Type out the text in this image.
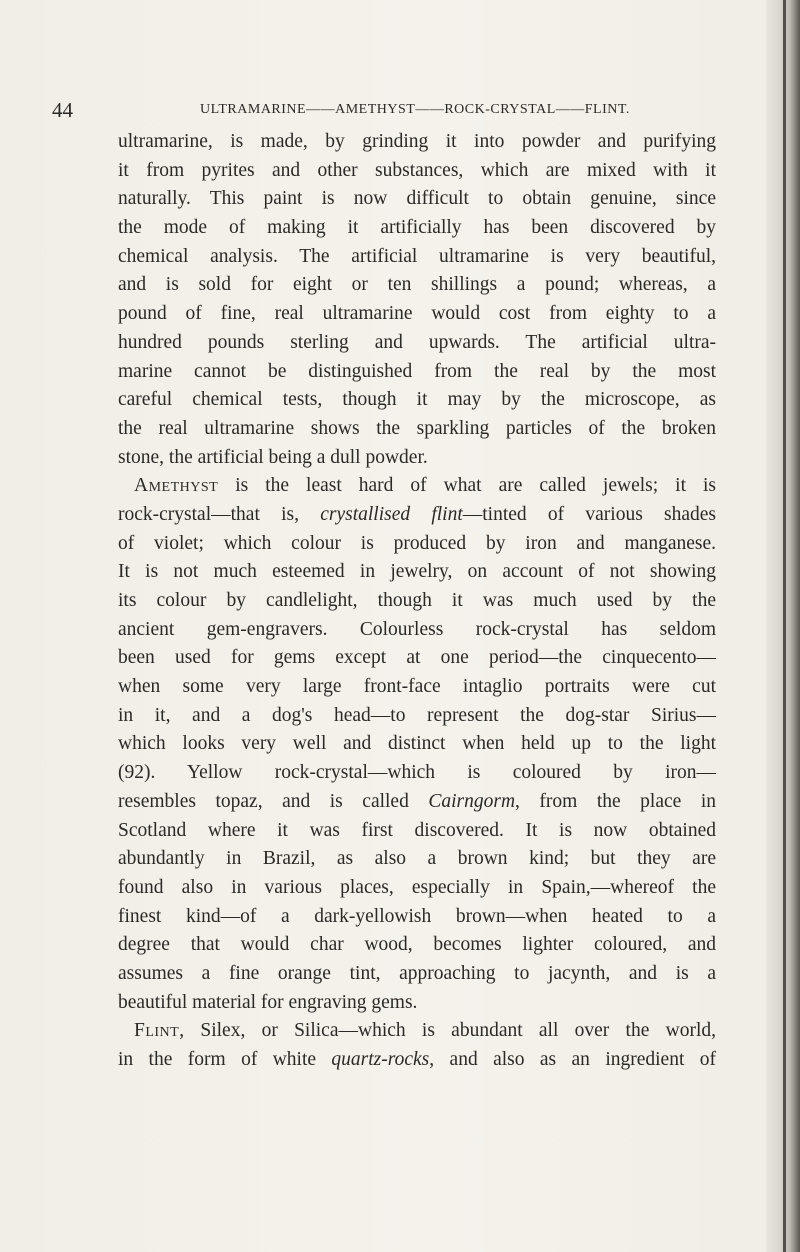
44	ULTRAMARINE——AMETHYST——ROCK-CRYSTAL——FLINT.
ultramarine, is made, by grinding it into powder and purifying
it from pyrites and other substances, which are mixed with it
naturally. This paint is now difficult to obtain genuine, since
the mode of making it artificially has been discovered by
chemical analysis. The artificial ultramarine is very beautiful,
and is sold for eight or ten shillings a pound; whereas, a
pound of fine, real ultramarine would cost from eighty to a
hundred pounds sterling and upwards. The artificial ultra-
marine cannot be distinguished from the real by the most
careful chemical tests, though it may by the microscope, as
the real ultramarine shows the sparkling particles of the broken
stone, the artificial being a dull powder.
Amethyst is the least hard of what are called jewels; it is
rock-crystal—that is, crystallised flint—tinted of various shades
of violet; which colour is produced by iron and manganese.
It is not much esteemed in jewelry, on account of not showing
its colour by candlelight, though it was much used by the
ancient gem-engravers. Colourless rock-crystal has seldom
been used for gems except at one period—the cinquecento—
when some very large front-face intaglio portraits were cut
in it, and a dog's head—to represent the dog-star Sirius—
which looks very well and distinct when held up to the light
(92). Yellow rock-crystal—which is coloured by iron—
resembles topaz, and is called Cairngorm, from the place in
Scotland where it was first discovered. It is now obtained
abundantly in Brazil, as also a brown kind; but they are
found also in various places, especially in Spain,—whereof the
finest kind—of a dark-yellowish brown—when heated to a
degree that would char wood, becomes lighter coloured, and
assumes a fine orange tint, approaching to jacynth, and is a
beautiful material for engraving gems.
Flint, Silex, or Silica—which is abundant all over the world,
in the form of white quartz-rocks, and also as an ingredient of
